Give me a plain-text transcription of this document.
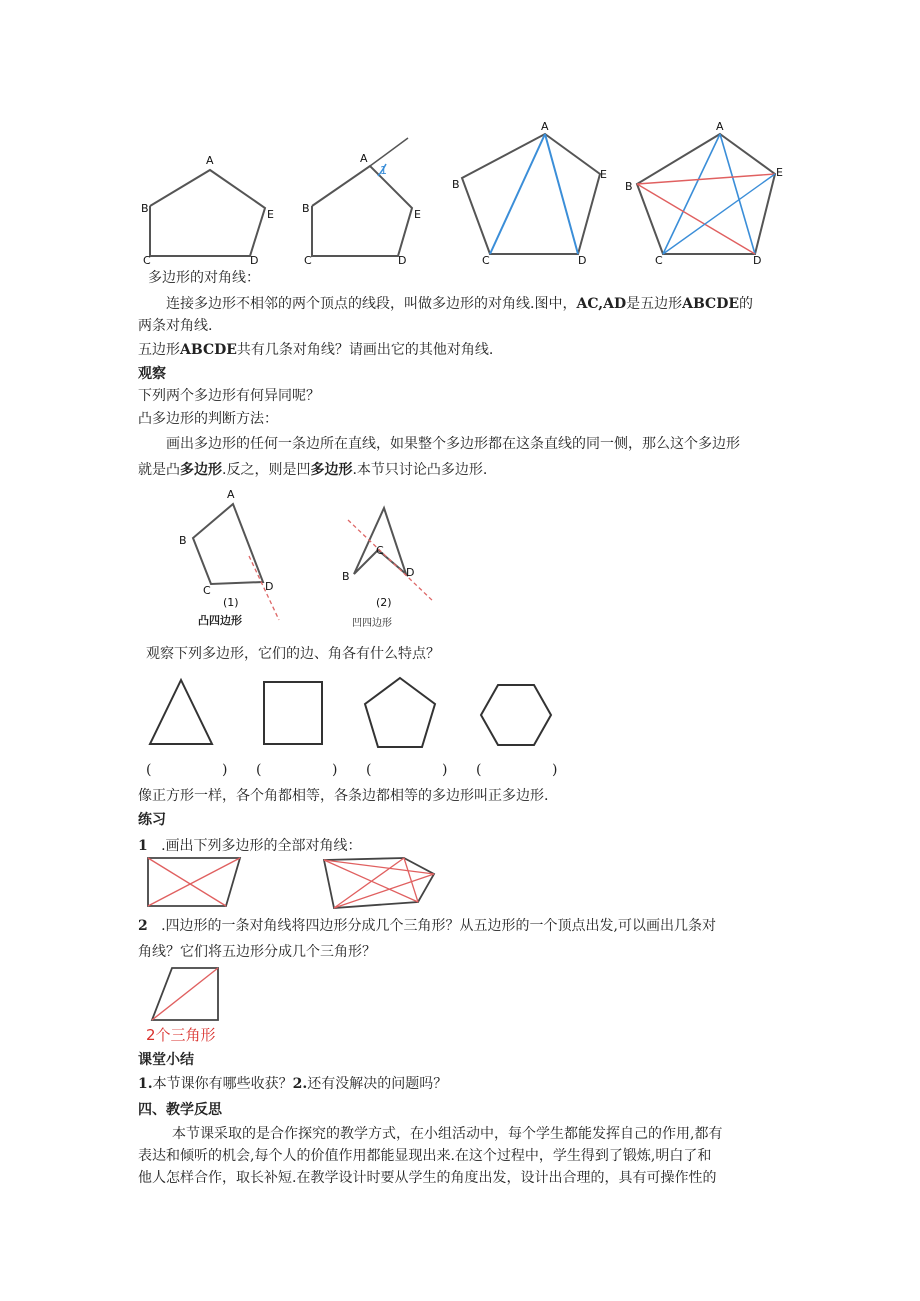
A
B	E
C	D
A
1
B	E
C	D
A
B
E
C	D
A
B
E
C	D
多边形的对角线：
连接多边形不相邻的两个顶点的线段，叫做多边形的对角线.图中，AC,AD是五边形ABCDE的
两条对角线.
五边形ABCDE共有几条对角线？请画出它的其他对角线.
观察
下列两个多边形有何异同呢？
凸多边形的判断方法：
画出多边形的任何一条边所在直线，如果整个多边形都在这条直线的同一侧，那么这个多边形
就是凸多边形.反之，则是凹多边形.本节只讨论凸多边形.
A
B
C	D
(1)
凸四边形
B
C
D
(2)
凹四边形
观察下列多边形，它们的边、角各有什么特点？
(	) (	) (	) (	)
像正方形一样，各个角都相等，各条边都相等的多边形叫正多边形.
练习
1 .画出下列多边形的全部对角线：
2 .四边形的一条对角线将四边形分成几个三角形？从五边形的一个顶点出发,可以画出几条对
角线？它们将五边形分成几个三角形？
2个三角形
课堂小结
1.本节课你有哪些收获？2.还有没解决的问题吗？
四、教学反思
本节课采取的是合作探究的教学方式，在小组活动中，每个学生都能发挥自己的作用,都有
表达和倾听的机会,每个人的价值作用都能显现出来.在这个过程中，学生得到了锻炼,明白了和
他人怎样合作，取长补短.在教学设计时要从学生的角度出发，设计出合理的，具有可操作性的
